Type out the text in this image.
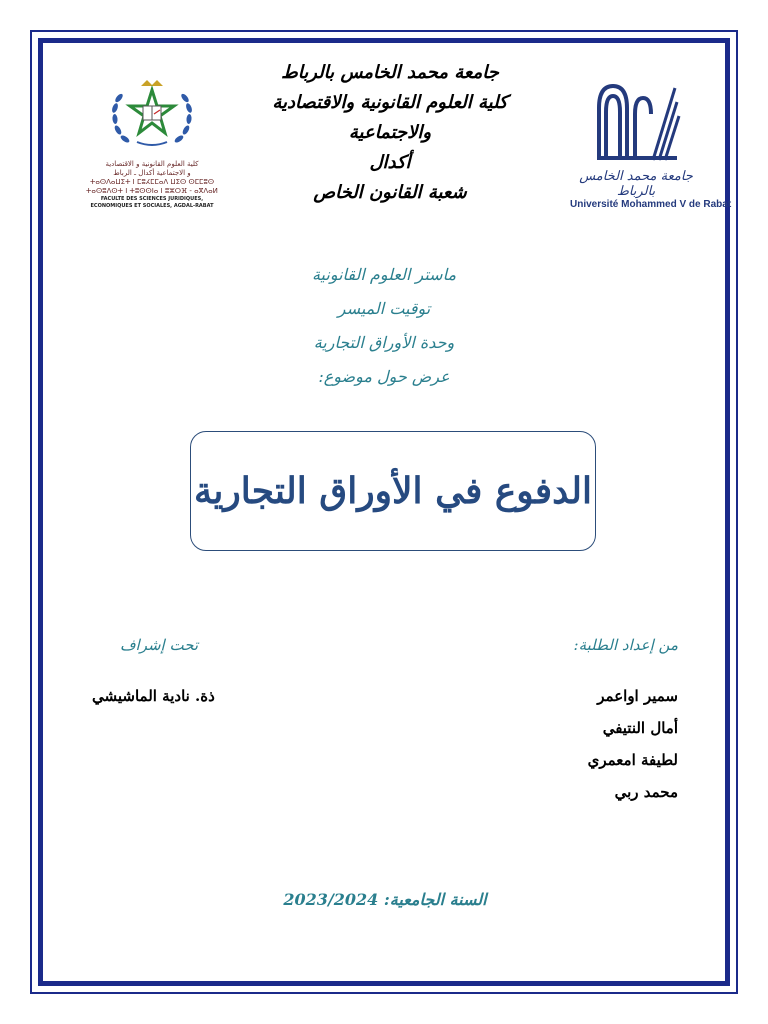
كلية العلوم القانونية و الاقتصادية
و الاجتماعية أكدال ـ الرباط
ⵜⴰⵙⴷⴰⵡⵉⵜ ⵏ ⵎⵓⵃⵎⵎⴰⴷ ⵡⵉⵙ ⵙⵎⵎⵓⵙ
ⵜⴰⵙⵓⴷⵙⵜ ⵏ ⵜⵓⵙⵙⵏⴰ ⵏ ⵓⵣⵔⴼ - ⴰⴳⴷⴰⵍ
FACULTE DES SCIENCES JURIDIQUES,
ECONOMIQUES ET SOCIALES, AGDAL-RABAT
جامعة محمد الخامس بالرباط
كلية العلوم القانونية والاقتصادية
والاجتماعية
أكدال
شعبة القانون الخاص
جامعة محمد الخامس بالرباط
Université Mohammed V de Rabat
ماستر العلوم القانونية
توقيت الميسر
وحدة الأوراق التجارية
عرض حول موضوع:
الدفوع في الأوراق التجارية
من إعداد الطلبة:
تحت إشراف
سمير اواعمر
أمال النتيفي
لطيفة امعمري
محمد ربي
ذة. نادية الماشيشي
السنة الجامعية: 2023/2024
